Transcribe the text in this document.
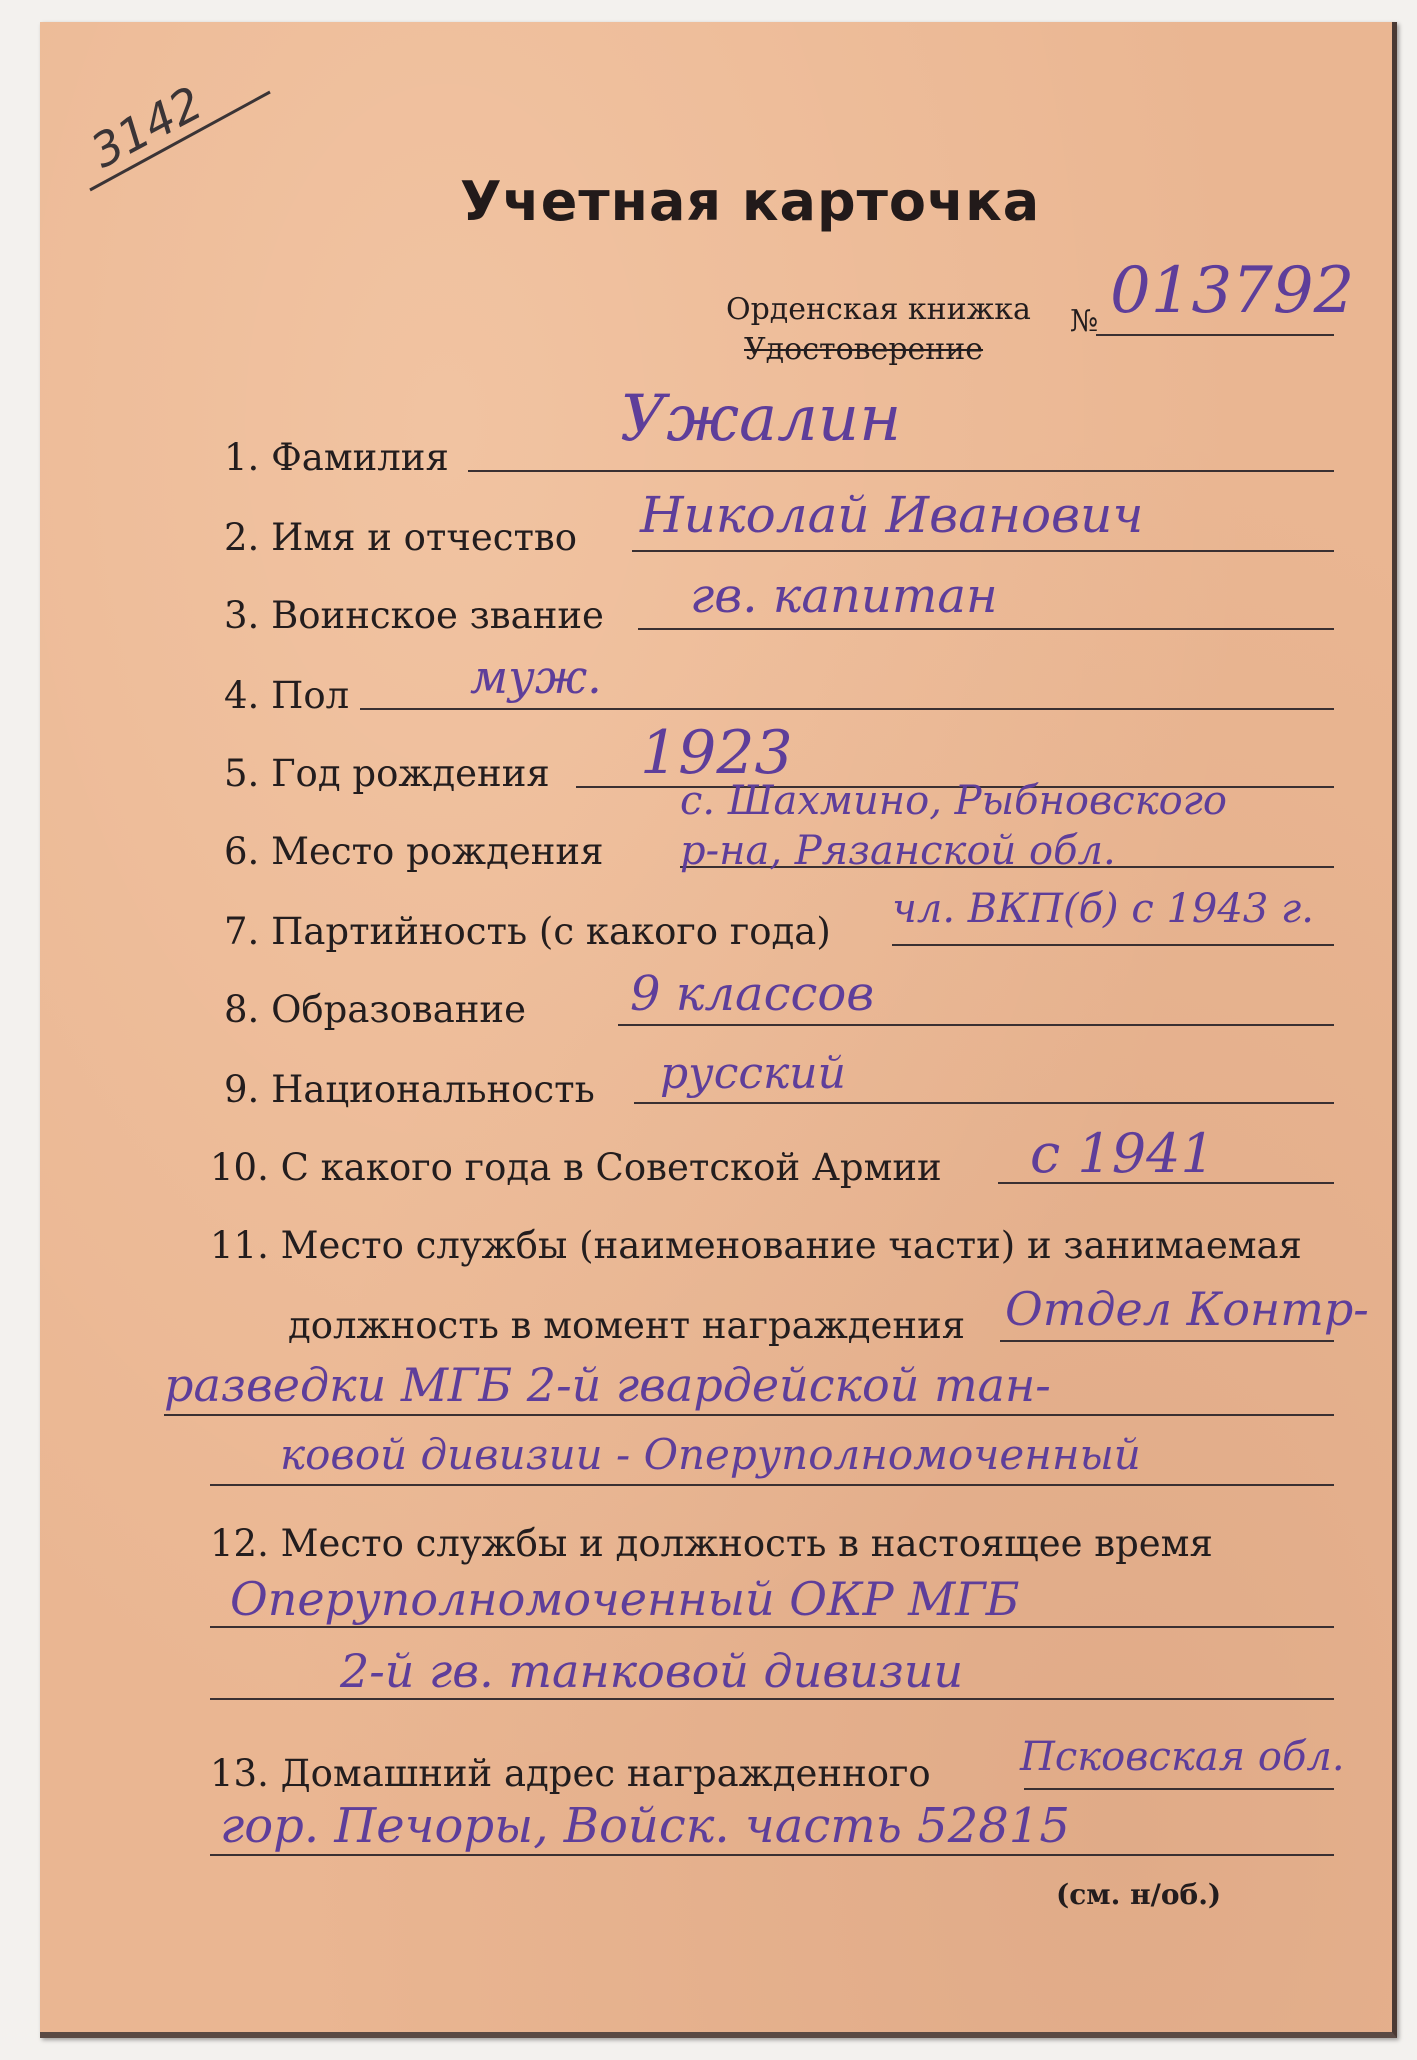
3142
Учетная карточка
Орденская книжка
Удостоверение
№ 013792
1. Фамилия
Ужалин
2. Имя и отчество Николай Иванович
3. Воинское звание гв. капитан
4. Пол	муж.
5. Год рождения 1923
с. Шахмино, Рыбновского
6. Место рождения р-на, Рязанской обл.
7. Партийность (с какого года) чл. ВКП(б) с 1943 г.
8. Образование 9 классов
9. Национальность русский
10. С какого года в Советской Армии с 1941
11. Место службы (наименование части) и занимаемая
должность в момент награждения Отдел Контр-
разведки МГБ 2-й гвардейской тан-
ковой дивизии - Оперуполномоченный
12. Место службы и должность в настоящее время
Оперуполномоченный ОКР МГБ
2-й гв. танковой дивизии
13. Домашний адрес награжденного Псковская обл.
гор. Печоры, Войск. часть 52815
(см. н/об.)
